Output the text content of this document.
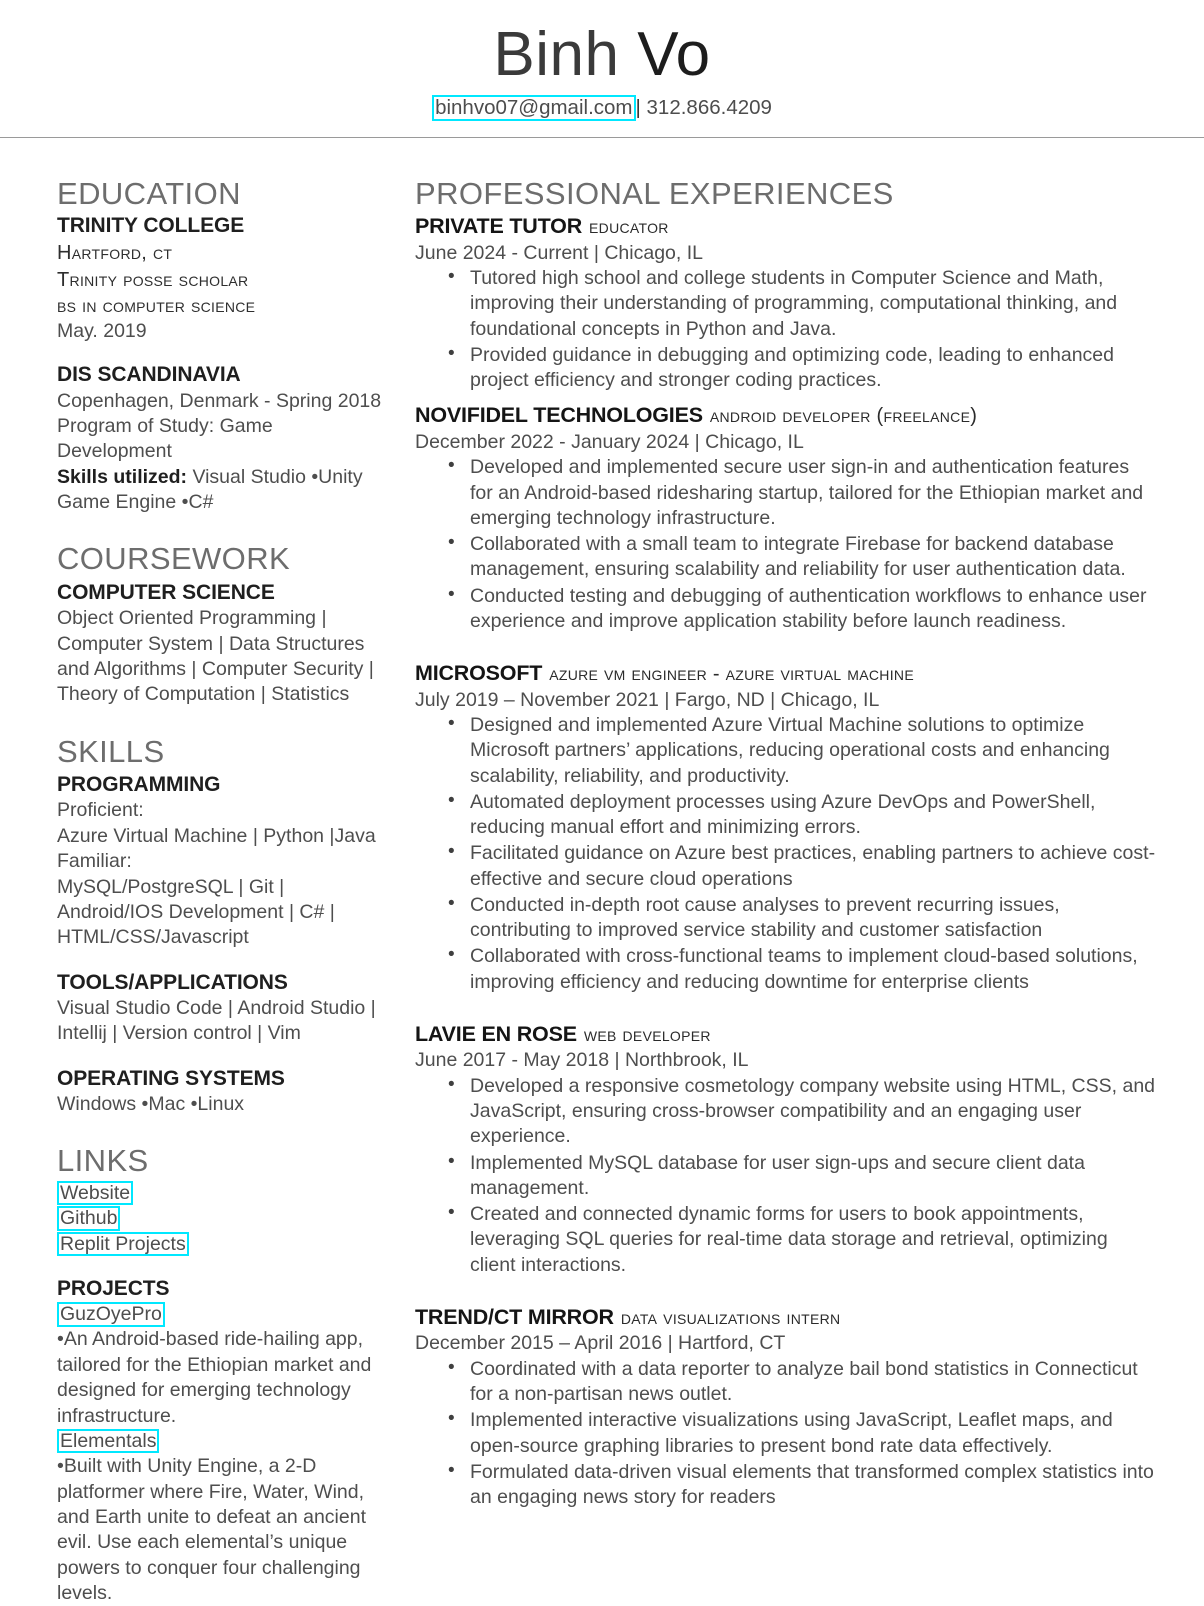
Binh Vo
binhvo07@gmail.com | 312.866.4209
EDUCATION
TRINITY COLLEGE
Hartford, ct
Trinity posse scholar
bs in computer science
May. 2019
DIS SCANDINAVIA
Copenhagen, Denmark - Spring 2018
Program of Study: Game Development
Skills utilized: Visual Studio •Unity Game Engine •C#
COURSEWORK
COMPUTER SCIENCE
Object Oriented Programming | Computer System | Data Structures and Algorithms | Computer Security | Theory of Computation | Statistics
SKILLS
PROGRAMMING
Proficient:
Azure Virtual Machine | Python |Java
Familiar:
MySQL/PostgreSQL | Git | Android/IOS Development | C# | HTML/CSS/Javascript
TOOLS/APPLICATIONS
Visual Studio Code | Android Studio | Intellij | Version control | Vim
OPERATING SYSTEMS
Windows •Mac •Linux
LINKS
Website
Github
Replit Projects
PROJECTS
GuzOyePro
•An Android-based ride-hailing app, tailored for the Ethiopian market and designed for emerging technology infrastructure.
Elementals
•Built with Unity Engine, a 2-D platformer where Fire, Water, Wind, and Earth unite to defeat an ancient evil. Use each elemental’s unique powers to conquer four challenging levels.
PROFESSIONAL EXPERIENCES
PRIVATE TUTOR educator
June 2024 - Current | Chicago, IL
• Tutored high school and college students in Computer Science and Math, improving their understanding of programming, computational thinking, and foundational concepts in Python and Java.
• Provided guidance in debugging and optimizing code, leading to enhanced project efficiency and stronger coding practices.
NOVIFIDEL TECHNOLOGIES android developer (freelance)
December 2022 - January 2024 | Chicago, IL
• Developed and implemented secure user sign-in and authentication features for an Android-based ridesharing startup, tailored for the Ethiopian market and emerging technology infrastructure.
• Collaborated with a small team to integrate Firebase for backend database management, ensuring scalability and reliability for user authentication data.
• Conducted testing and debugging of authentication workflows to enhance user experience and improve application stability before launch readiness.
MICROSOFT azure vm engineer - azure virtual machine
July 2019 – November 2021 | Fargo, ND | Chicago, IL
• Designed and implemented Azure Virtual Machine solutions to optimize Microsoft partners’ applications, reducing operational costs and enhancing scalability, reliability, and productivity.
• Automated deployment processes using Azure DevOps and PowerShell, reducing manual effort and minimizing errors.
• Facilitated guidance on Azure best practices, enabling partners to achieve cost-effective and secure cloud operations
• Conducted in-depth root cause analyses to prevent recurring issues, contributing to improved service stability and customer satisfaction
• Collaborated with cross-functional teams to implement cloud-based solutions, improving efficiency and reducing downtime for enterprise clients
LAVIE EN ROSE web developer
June 2017 - May 2018 | Northbrook, IL
• Developed a responsive cosmetology company website using HTML, CSS, and JavaScript, ensuring cross-browser compatibility and an engaging user experience.
• Implemented MySQL database for user sign-ups and secure client data management.
• Created and connected dynamic forms for users to book appointments, leveraging SQL queries for real-time data storage and retrieval, optimizing client interactions.
TREND/CT MIRROR data visualizations intern
December 2015 – April 2016 | Hartford, CT
• Coordinated with a data reporter to analyze bail bond statistics in Connecticut for a non-partisan news outlet.
• Implemented interactive visualizations using JavaScript, Leaflet maps, and open-source graphing libraries to present bond rate data effectively.
• Formulated data-driven visual elements that transformed complex statistics into an engaging news story for readers
